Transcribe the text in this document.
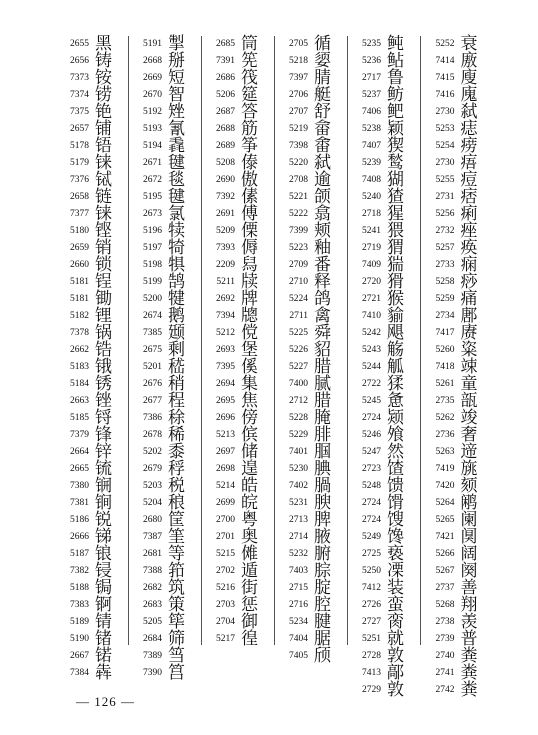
2655 黑
2656 铸
7373 铵
7374 铹
7375 铯
2657 铺
5178 铻
5179 铼
7376 铽
2658 链
7377 铼
5180 铿
2659 销
2660 锁
5181 锃
5181 锄
5182 锂
7378 锅
2662 锆
5183 锇
5184 锈
2663 锉
5185 锊
7379 锋
2664 锌
2665 锍
7380 锎
7381 锏
5186 锐
2666 锑
5187 锒
7382 锓
5188 锔
7383 锕
5189 锖
5190 锗
2667 锘
7384 犇
5191 掣
2668 掰
2669 短
2670 智
5192 矬
5193 氰
5194 毳
2671 毽
2672 毯
5195 毽
2673 氯
5196 犊
5197 犄
5198 犋
5199 鹄
5200 犍
2674 鹅
7385 颋
2675 剩
5201 嵇
2676 稍
2677 程
7386 稌
2678 稀
5202 黍
2679 稃
5203 税
5204 稂
2680 筐
7387 筀
2681 等
7388 筘
2682 筑
2683 策
5205 筚
2684 筛
7389 筜
7390 筥
2685 筒
7391 筅
2686 筏
5206 筵
2687 答
2688 筋
2689 筝
5208 傣
2690 傲
7392 傃
2691 傅
5209 傈
7393 傉
2209 舄
5211 牍
2692 牌
7394 牕
5212 傥
2693 堡
7395 傒
2694 集
2695 焦
2696 傍
5213 傧
2697 储
2698 遑
5214 皓
2699 皖
2700 粤
2701 奥
5215 傩
2702 遁
5216 街
2703 惩
2704 御
5217 徨
2705 循
5218 媭
7397 腈
2706 艇
2707 舒
5219 畲
7398 畬
5220 弑
2708 逾
5221 颌
5222 翕
7399 颊
5223 釉
2709 番
2710 释
5224 鸽
2711 禽
5225 舜
5226 貂
5227 腊
7400 腻
2712 腊
5228 腌
5229 腓
7401 腘
5230 腆
7402 腡
5231 腴
2713 脾
2714 腋
5232 腑
7403 腙
2715 腚
2716 腔
5234 腱
7404 腒
7405 颀
5235 鲀
5236 鲇
2717 鲁
5237 鲂
7406 鲃
5238 颖
7407 猰
5239 鹙
7408 猢
5240 猹
2718 猩
5241 猥
2719 猬
7409 猯
2720 猾
2721 猴
7410 貐
5242 飓
5243 觞
5244 觚
2722 猱
5245 惫
2724 颎
5246 飧
5247 然
2723 馇
5248 馈
2724 馉
2724 馊
5249 馋
2725 亵
5250 凓
7412 装
2726 蛮
2727 脔
5251 就
2728 敦
7413 鄗
2729 敦
5252 衰
7414 廒
7415 廋
7416 廆
2730 弑
5253 痣
5254 痨
2730 痦
5255 痘
2731 痞
5256 痢
2732 痤
5257 痪
2733 痫
5258 痧
5259 痛
2734 鄌
7417 赓
5260 粢
7418 竦
5261 童
2735 瓿
5262 竣
2736 奢
5263 遆
7419 旐
7420 颏
5264 鹇
5265 阑
7421 阒
5266 阔
5267 阕
2737 善
5268 翔
2738 羡
2739 普
2740 粪
2741 粪
2742 粪
— 126 —
